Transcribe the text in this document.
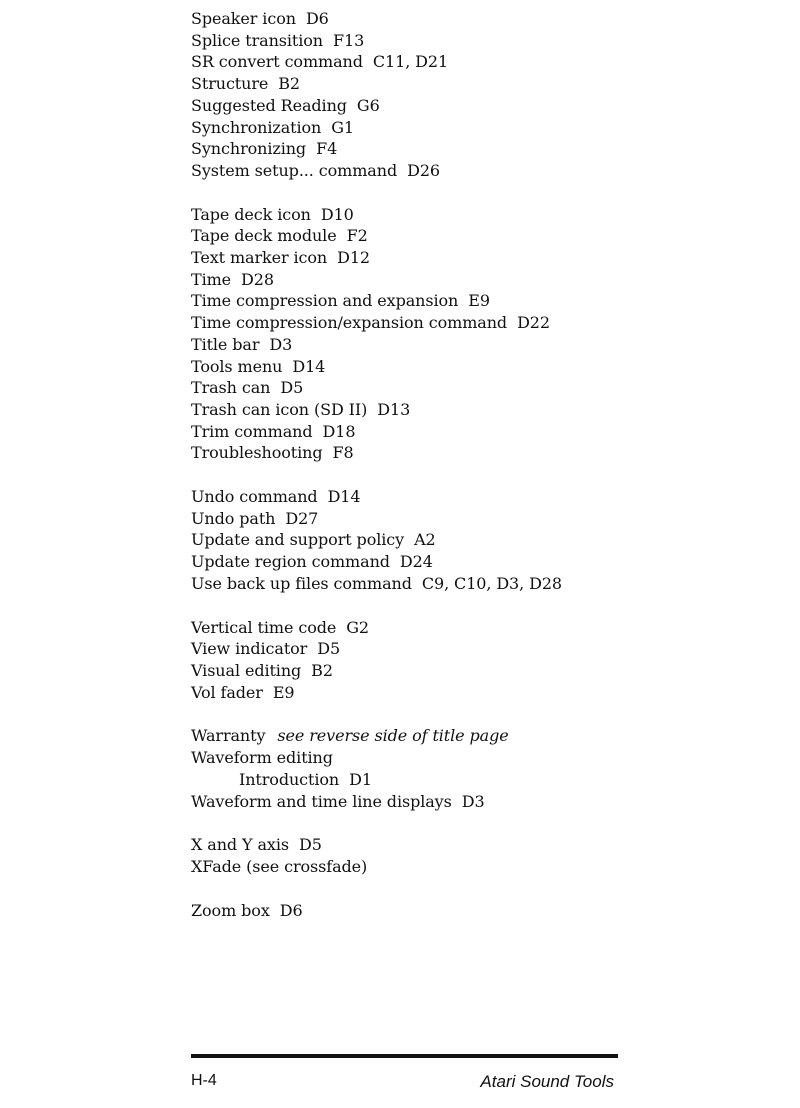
Speaker icon D6
Splice transition F13
SR convert command C11, D21
Structure B2
Suggested Reading G6
Synchronization G1
Synchronizing F4
System setup... command D26
Tape deck icon D10
Tape deck module F2
Text marker icon D12
Time D28
Time compression and expansion E9
Time compression/expansion command D22
Title bar D3
Tools menu D14
Trash can D5
Trash can icon (SD II) D13
Trim command D18
Troubleshooting F8
Undo command D14
Undo path D27
Update and support policy A2
Update region command D24
Use back up files command C9, C10, D3, D28
Vertical time code G2
View indicator D5
Visual editing B2
Vol fader E9
Warranty see reverse side of title page
Waveform editing
Introduction D1
Waveform and time line displays D3
X and Y axis D5
XFade (see crossfade)
Zoom box D6
H-4	Atari Sound Tools
